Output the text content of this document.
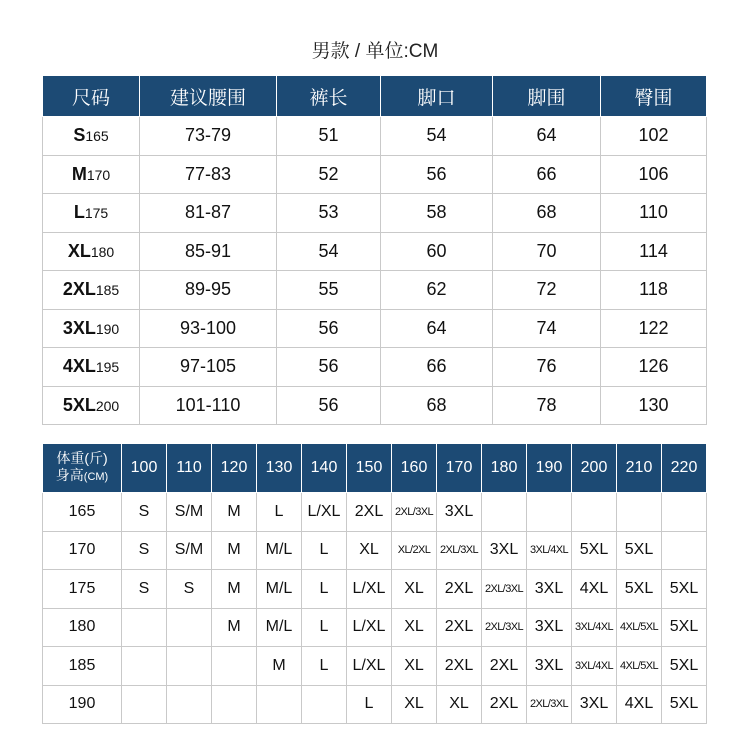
男款 / 单位:CM
尺码	建议腰围	裤长	脚口	脚围	臀围
S165	73-79	51	54	64	102
M170	77-83	52	56	66	106
L175	81-87	53	58	68	110
XL180	85-91	54	60	70	114
2XL185	89-95	55	62	72	118
3XL190	93-100	56	64	74	122
4XL195	97-105	56	66	76	126
5XL200	101-110	56	68	78	130
体重(斤)
身高(CM)	100	110	120	130	140	150	160	170	180	190	200	210	220
165	S	S/M	M	L	L/XL	2XL	2XL/3XL	3XL					
170	S	S/M	M	M/L	L	XL	XL/2XL	2XL/3XL	3XL	3XL/4XL	5XL	5XL	
175	S	S	M	M/L	L	L/XL	XL	2XL	2XL/3XL	3XL	4XL	5XL	5XL
180			M	M/L	L	L/XL	XL	2XL	2XL/3XL	3XL	3XL/4XL	4XL/5XL	5XL
185				M	L	L/XL	XL	2XL	2XL	3XL	3XL/4XL	4XL/5XL	5XL
190						L	XL	XL	2XL	2XL/3XL	3XL	4XL	5XL
